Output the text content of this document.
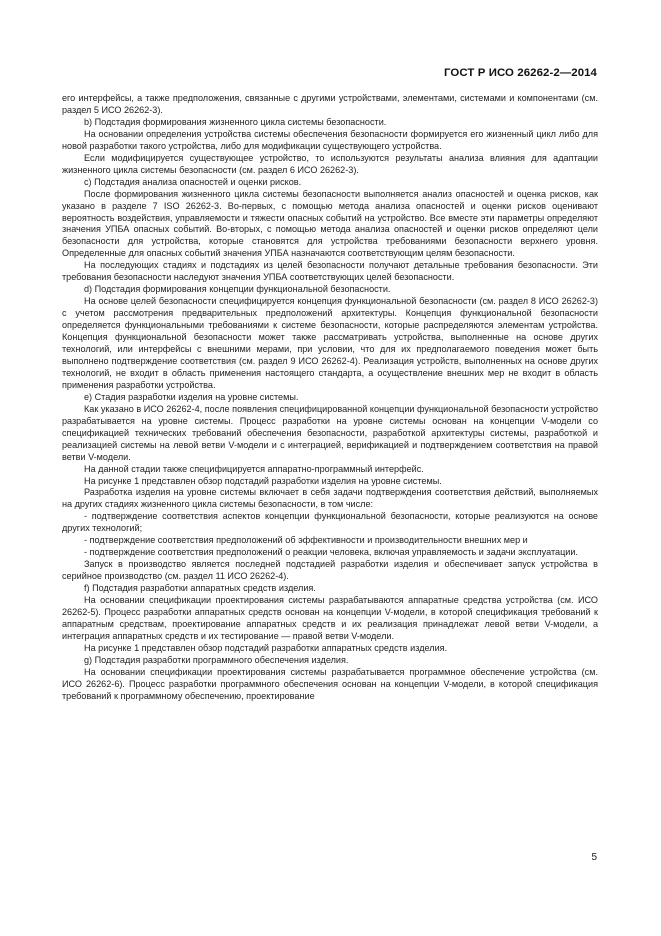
ГОСТ Р ИСО 26262-2—2014

его интерфейсы, а также предположения, связанные с другими устройствами, элементами, системами и компонентами (см. раздел 5 ИСО 26262-3).

b) Подстадия формирования жизненного цикла системы безопасности.

На основании определения устройства системы обеспечения безопасности формируется его жизненный цикл либо для новой разработки такого устройства, либо для модификации существующего устройства.

Если модифицируется существующее устройство, то используются результаты анализа влияния для адаптации жизненного цикла системы безопасности (см. раздел 6 ИСО 26262-3).

c) Подстадия анализа опасностей и оценки рисков.

После формирования жизненного цикла системы безопасности выполняется анализ опасностей и оценка рисков, как указано в разделе 7 ISO 26262-3. Во-первых, с помощью метода анализа опасностей и оценки рисков оценивают вероятность воздействия, управляемости и тяжести опасных событий на устройство. Все вместе эти параметры определяют значения УПБА опасных событий. Во-вторых, с помощью метода анализа опасностей и оценки рисков определяют цели безопасности для устройства, которые становятся для устройства требованиями безопасности верхнего уровня. Определенные для опасных событий значения УПБА назначаются соответствующим целям безопасности.

На последующих стадиях и подстадиях из целей безопасности получают детальные требования безопасности. Эти требования безопасности наследуют значения УПБА соответствующих целей безопасности.

d) Подстадия формирования концепции функциональной безопасности.

На основе целей безопасности специфицируется концепция функциональной безопасности (см. раздел 8 ИСО 26262-3) с учетом рассмотрения предварительных предположений архитектуры. Концепция функциональной безопасности определяется функциональными требованиями к системе безопасности, которые распределяются элементам устройства. Концепция функциональной безопасности может также рассматривать устройства, выполненные на основе других технологий, или интерфейсы с внешними мерами, при условии, что для их предполагаемого поведения может быть выполнено подтверждение соответствия (см. раздел 9 ИСО 26262-4). Реализация устройств, выполненных на основе других технологий, не входит в область применения настоящего стандарта, а осуществление внешних мер не входит в область применения разработки устройства.

e) Стадия разработки изделия на уровне системы.

Как указано в ИСО 26262-4, после появления специфицированной концепции функциональной безопасности устройство разрабатывается на уровне системы. Процесс разработки на уровне системы основан на концепции V-модели со спецификацией технических требований обеспечения безопасности, разработкой архитектуры системы, разработкой и реализацией системы на левой ветви V-модели и с интеграцией, верификацией и подтверждением соответствия на правой ветви V-модели.

На данной стадии также специфицируется аппаратно-программный интерфейс.

На рисунке 1 представлен обзор подстадий разработки изделия на уровне системы.

Разработка изделия на уровне системы включает в себя задачи подтверждения соответствия действий, выполняемых на других стадиях жизненного цикла системы безопасности, в том числе:

- подтверждение соответствия аспектов концепции функциональной безопасности, которые реализуются на основе других технологий;

- подтверждение соответствия предположений об эффективности и производительности внешних мер и

- подтверждение соответствия предположений о реакции человека, включая управляемость и задачи эксплуатации.

Запуск в производство является последней подстадией разработки изделия и обеспечивает запуск устройства в серийное производство (см. раздел 11 ИСО 26262-4).

f) Подстадия разработки аппаратных средств изделия.

На основании спецификации проектирования системы разрабатываются аппаратные средства устройства (см. ИСО 26262-5). Процесс разработки аппаратных средств основан на концепции V-модели, в которой спецификация требований к аппаратным средствам, проектирование аппаратных средств и их реализация принадлежат левой ветви V-модели, а интеграция аппаратных средств и их тестирование — правой ветви V-модели.

На рисунке 1 представлен обзор подстадий разработки аппаратных средств изделия.

g) Подстадия разработки программного обеспечения изделия.

На основании спецификации проектирования системы разрабатывается программное обеспечение устройства (см. ИСО 26262-6). Процесс разработки программного обеспечения основан на концепции V-модели, в которой спецификация требований к программному обеспечению, проектирование

5
